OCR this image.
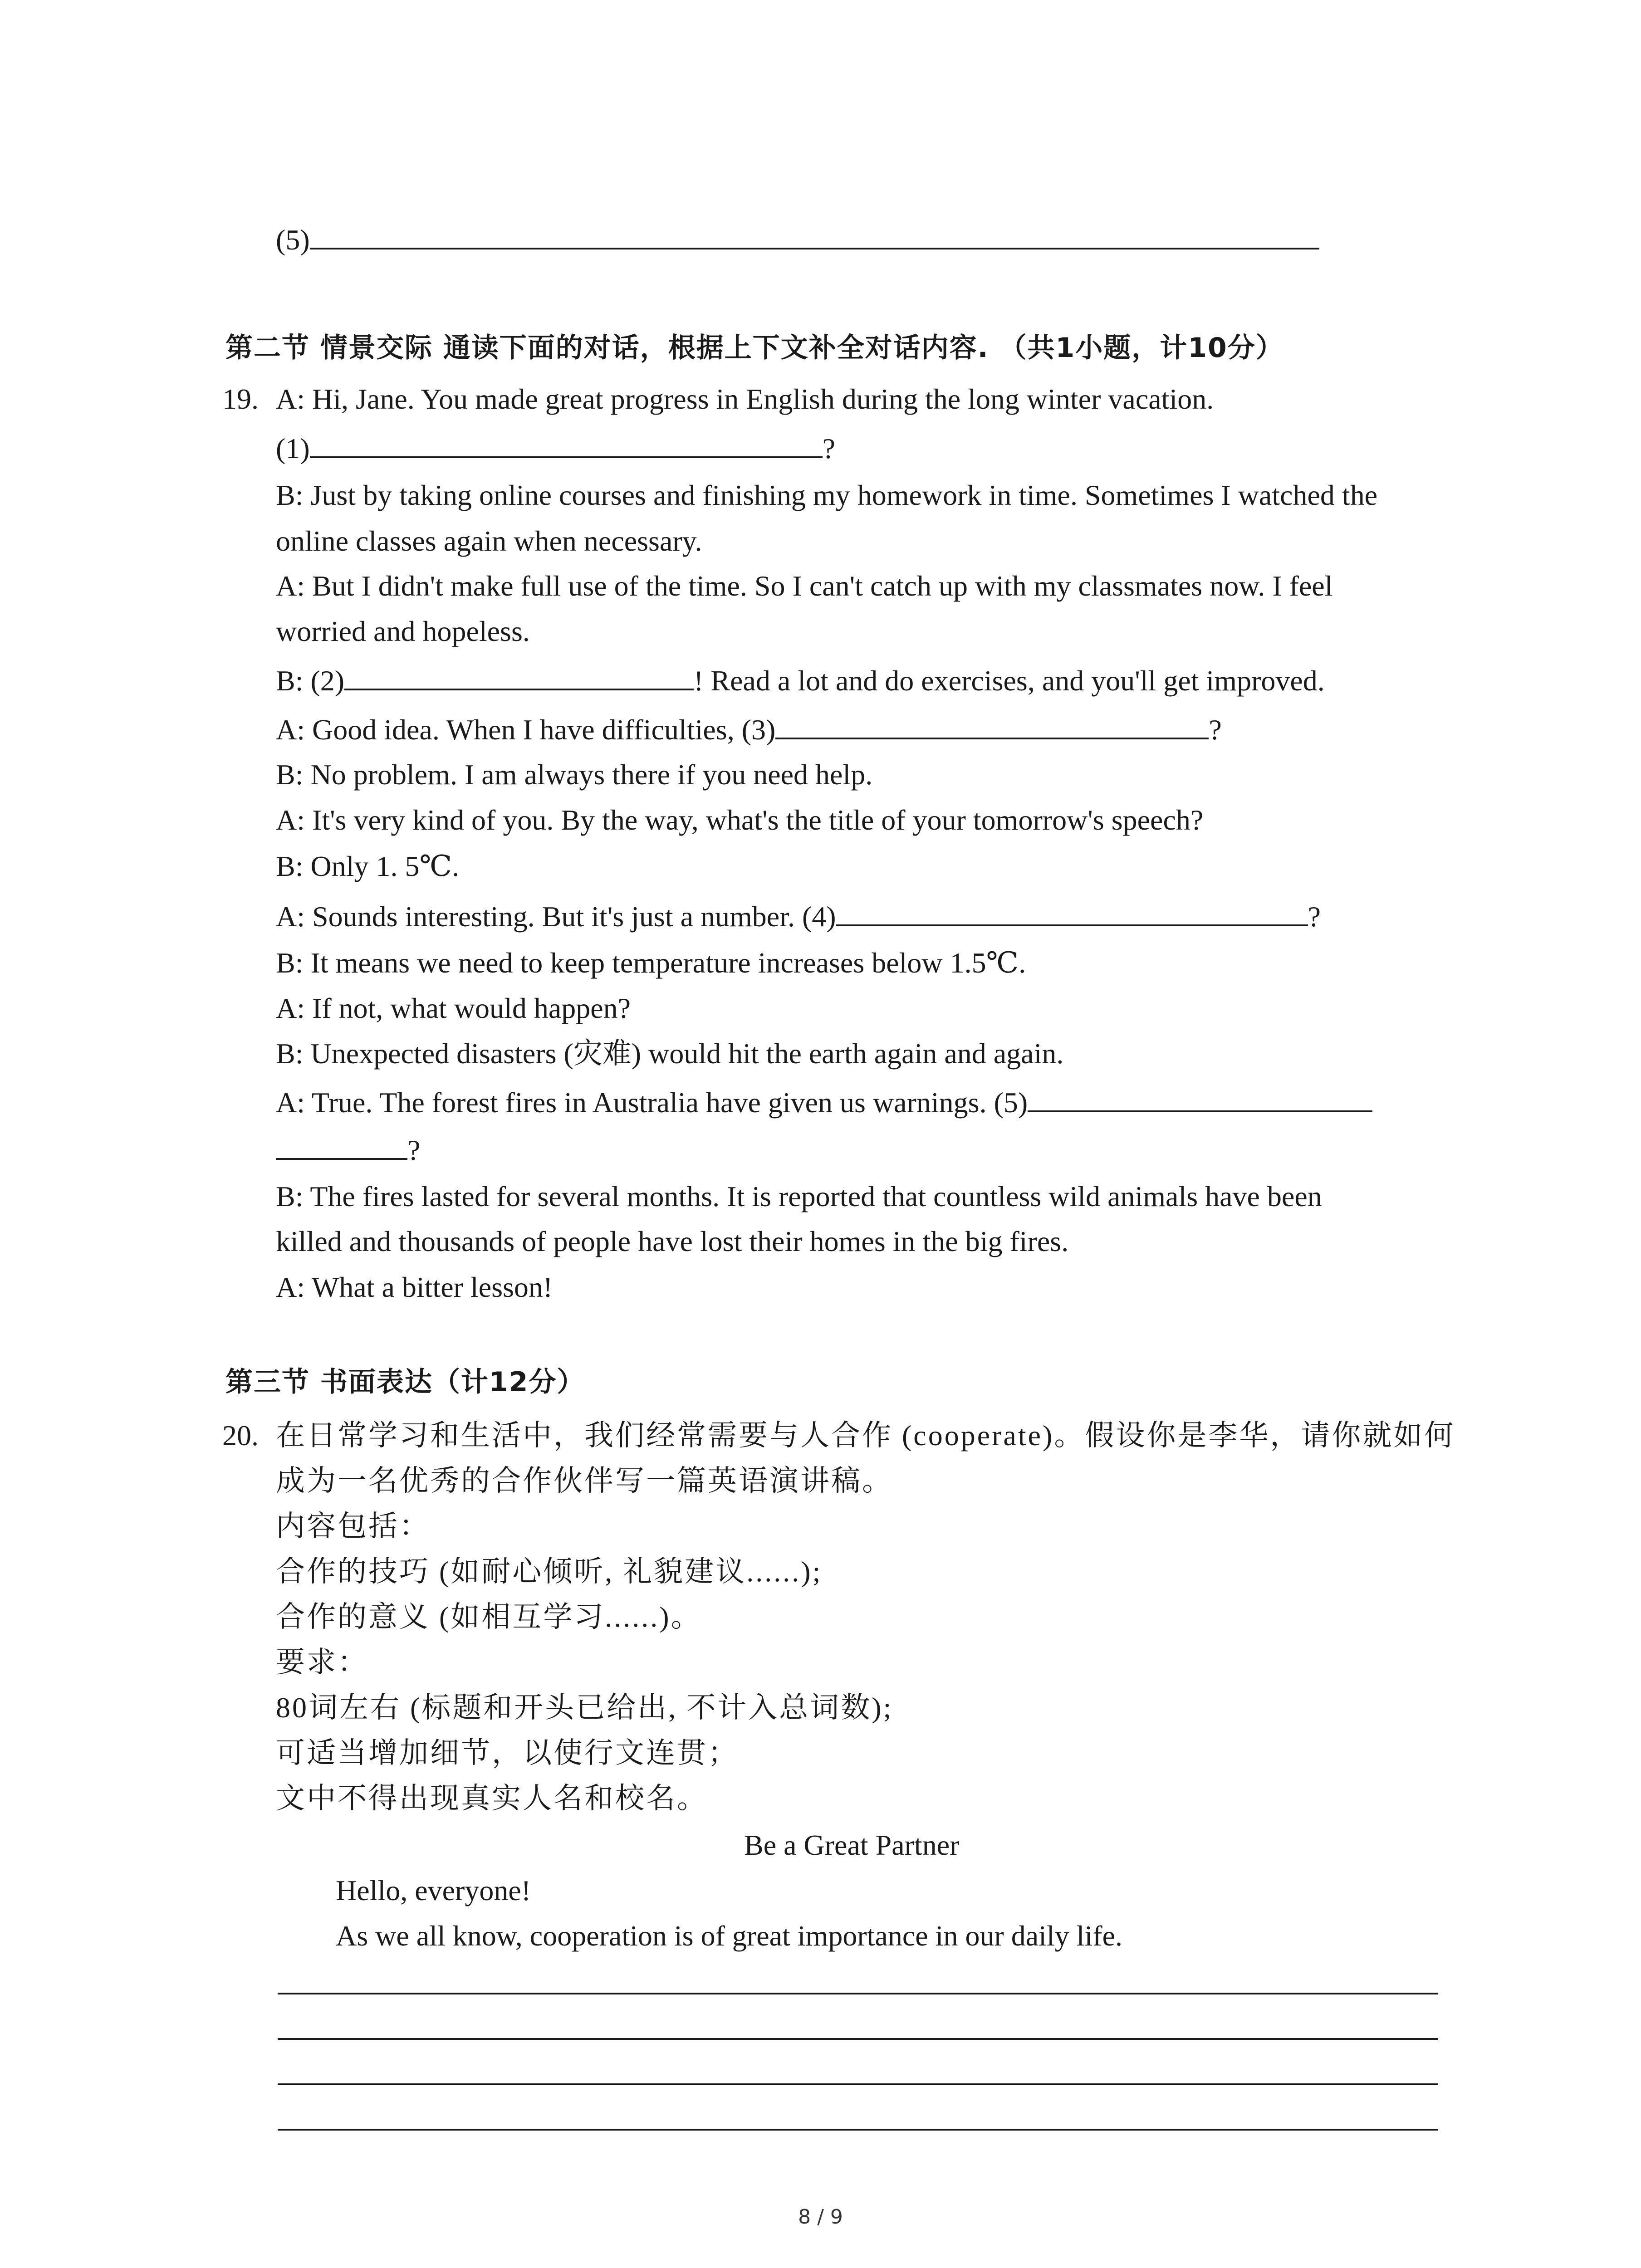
(5)
第二节 情景交际 通读下面的对话，根据上下文补全对话内容. （共1小题，计10分）
19. A: Hi, Jane. You made great progress in English during the long winter vacation.
(1)	?
B: Just by taking online courses and finishing my homework in time. Sometimes I watched the
online classes again when necessary.
A: But I didn't make full use of the time. So I can't catch up with my classmates now. I feel
worried and hopeless.
B: (2)	! Read a lot and do exercises, and you'll get improved.
A: Good idea. When I have difficulties, (3)	?
B: No problem. I am always there if you need help.
A: It's very kind of you. By the way, what's the title of your tomorrow's speech?
B: Only 1. 5℃.
A: Sounds interesting. But it's just a number. (4)	?
B: It means we need to keep temperature increases below 1.5℃.
A: If not, what would happen?
B: Unexpected disasters (灾难) would hit the earth again and again.
A: True. The forest fires in Australia have given us warnings. (5)
?
B: The fires lasted for several months. It is reported that countless wild animals have been
killed and thousands of people have lost their homes in the big fires.
A: What a bitter lesson!
第三节 书面表达（计12分）
20. 在日常学习和生活中，我们经常需要与人合作 (cooperate)。假设你是李华，请你就如何
成为一名优秀的合作伙伴写一篇英语演讲稿。
内容包括：
合作的技巧 (如耐心倾听, 礼貌建议......);
合作的意义 (如相互学习......)。
要求：
80词左右 (标题和开头已给出, 不计入总词数);
可适当增加细节，以使行文连贯；
文中不得出现真实人名和校名。
Be a Great Partner
Hello, everyone!
As we all know, cooperation is of great importance in our daily life.
8 / 9
